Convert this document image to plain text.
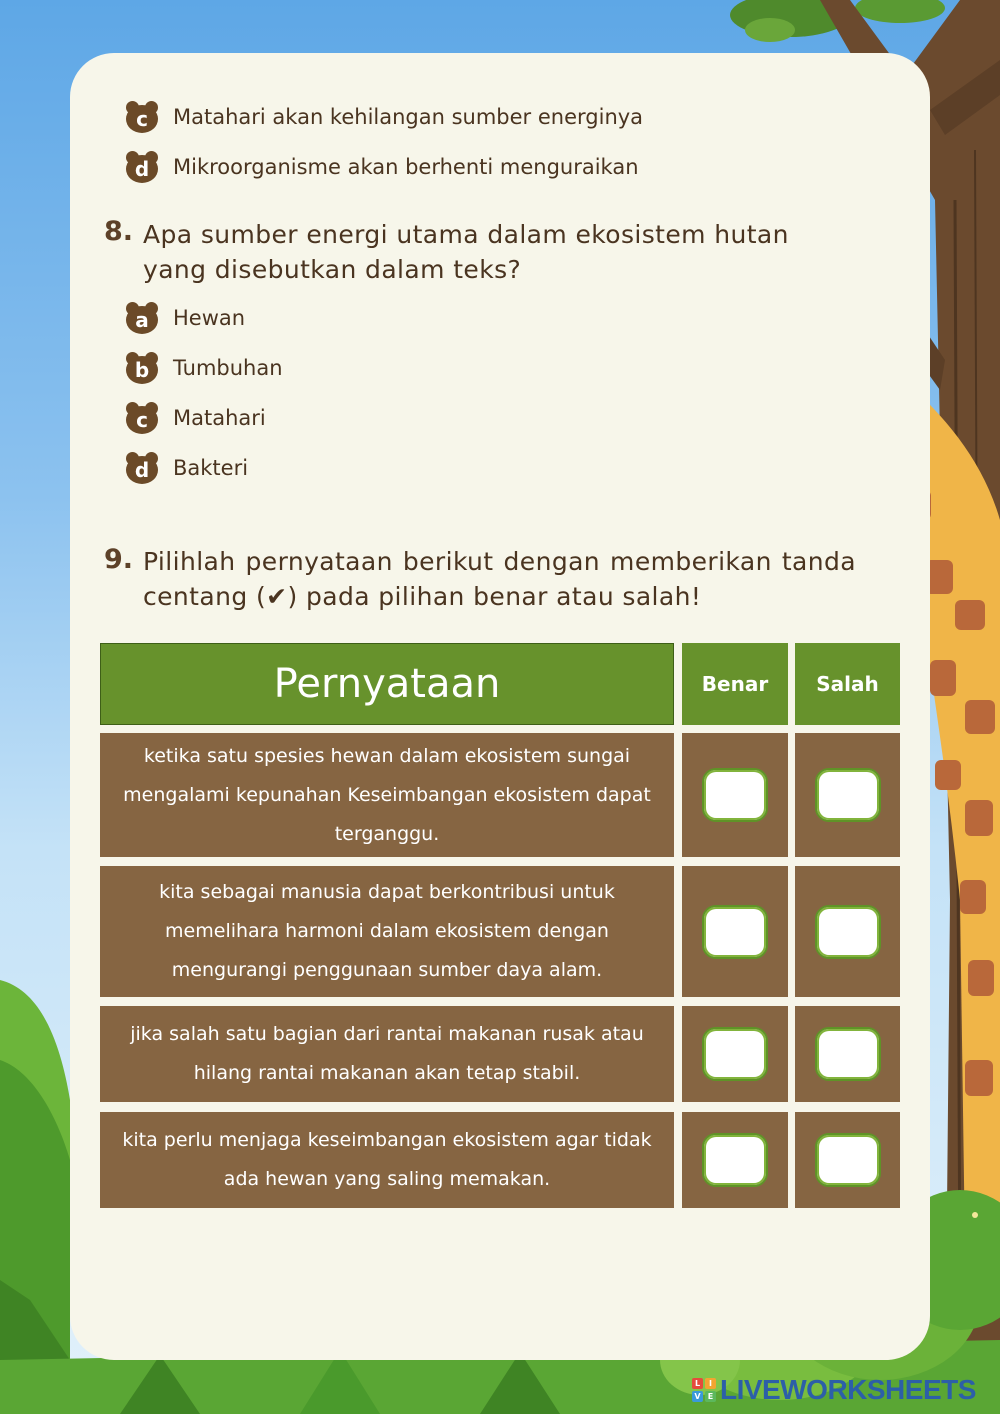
c	Matahari akan kehilangan sumber energinya
d	Mikroorganisme akan berhenti menguraikan
8. Apa sumber energi utama dalam ekosistem hutan yang disebutkan dalam teks?
a	Hewan
b	Tumbuhan
c	Matahari
d	Bakteri
9. Pilihlah pernyataan berikut dengan memberikan tanda centang (✔) pada pilihan benar atau salah!
Pernyataan	Benar	Salah
ketika satu spesies hewan dalam ekosistem sungai mengalami kepunahan Keseimbangan ekosistem dapat terganggu.
kita sebagai manusia dapat berkontribusi untuk memelihara harmoni dalam ekosistem dengan mengurangi penggunaan sumber daya alam.
jika salah satu bagian dari rantai makanan rusak atau hilang rantai makanan akan tetap stabil.
kita perlu menjaga keseimbangan ekosistem agar tidak ada hewan yang saling memakan.
L	I
V E LIVEWORKSHEETS
